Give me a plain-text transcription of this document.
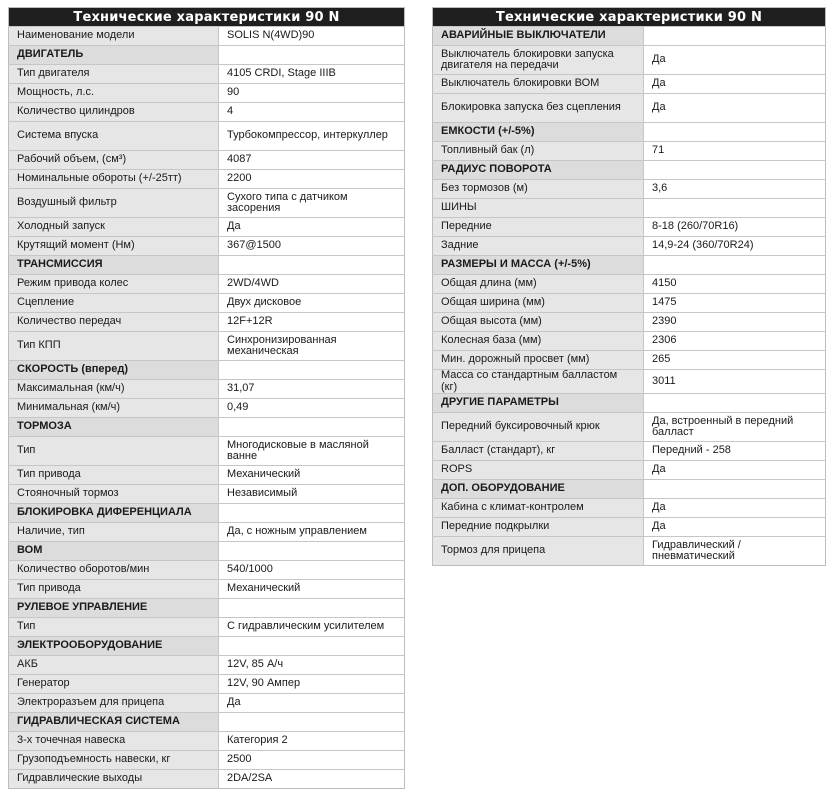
Технические характеристики 90 N	
Наименование модели	SOLIS N(4WD)90
ДВИГАТЕЛЬ	
Тип двигателя	4105 CRDI, Stage IIIB
Мощность, л.с.	90
Количество цилиндров	4
Система впуска	Турбокомпрессор, интеркуллер
Рабочий объем, (см³)	4087
Номинальные обороты (+/-25тт)	2200
Воздушный фильтр	Сухого типа с датчиком засорения
Холодный запуск	Да
Крутящий момент (Нм)	367@1500
ТРАНСМИССИЯ	
Режим привода колес	2WD/4WD
Сцепление	Двух дисковое
Количество передач	12F+12R
Тип КПП	Синхронизированная механическая
СКОРОСТЬ (вперед)	
Максимальная (км/ч)	31,07
Минимальная (км/ч)	0,49
ТОРМОЗА	
Тип	Многодисковые в масляной ванне
Тип привода	Механический
Стояночный тормоз	Независимый
БЛОКИРОВКА ДИФЕРЕНЦИАЛА	
Наличие, тип	Да, с ножным управлением
ВОМ	
Количество оборотов/мин	540/1000
Тип привода	Механический
РУЛЕВОЕ УПРАВЛЕНИЕ	
Тип	С гидравлическим усилителем
ЭЛЕКТРООБОРУДОВАНИЕ	
АКБ	12V, 85 А/ч
Генератор	12V, 90 Ампер
Электроразъем для прицепа	Да
ГИДРАВЛИЧЕСКАЯ СИСТЕМА	
3-х точечная навеска	Категория 2
Грузоподъемность навески, кг	2500
Гидравлические выходы	2DA/2SA
Технические характеристики 90 N	
АВАРИЙНЫЕ ВЫКЛЮЧАТЕЛИ	
Выключатель блокировки запуска двигателя на передачи	Да
Выключатель блокировки ВОМ	Да
Блокировка запуска без сцепления	Да
ЕМКОСТИ (+/-5%)	
Топливный бак (л)	71
РАДИУС ПОВОРОТА	
Без тормозов (м)	3,6
ШИНЫ	
Передние	8-18 (260/70R16)
Задние	14,9-24 (360/70R24)
РАЗМЕРЫ И МАССА (+/-5%)	
Общая длина (мм)	4150
Общая ширина (мм)	1475
Общая высота (мм)	2390
Колесная база (мм)	2306
Мин. дорожный просвет (мм)	265
Масса со стандартным балластом (кг)	3011
ДРУГИЕ ПАРАМЕТРЫ	
Передний буксировочный крюк	Да, встроенный в передний балласт
Балласт (стандарт), кг	Передний - 258
ROPS	Да
ДОП. ОБОРУДОВАНИЕ	
Кабина с климат-контролем	Да
Передние подкрылки	Да
Тормоз для прицепа	Гидравлический / пневматический
